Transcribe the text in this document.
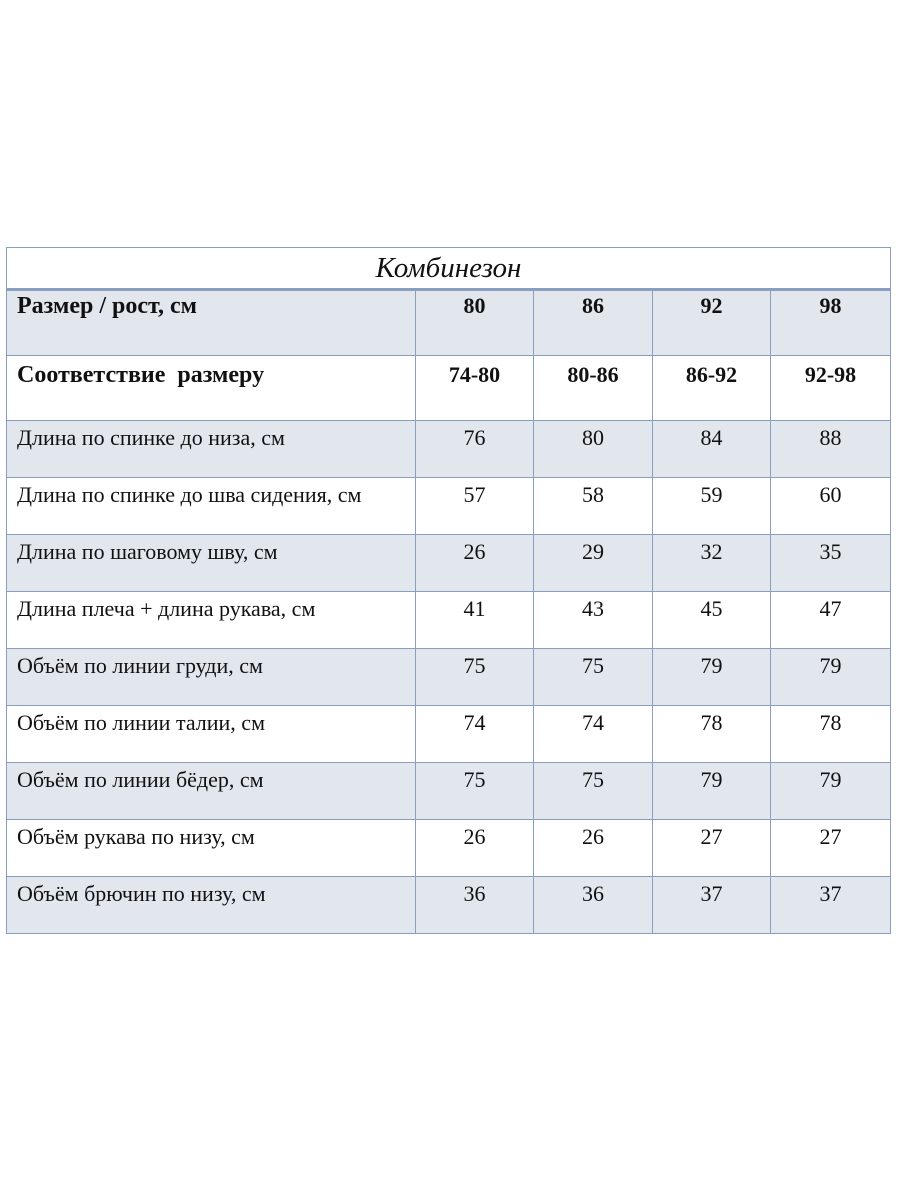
Комбинезон				

Размер / рост, см	80	86	92	98

Соответствие  размеру	74-80	80-86	86-92	92-98

Длина по спинке до низа, см	76	80	84	88

Длина по спинке до шва сидения, см	57	58	59	60

Длина по шаговому шву, см	26	29	32	35

Длина плеча + длина рукава, см	41	43	45	47

Объём по линии груди, см	75	75	79	79

Объём по линии талии, см	74	74	78	78

Объём по линии бёдер, см	75	75	79	79

Объём рукава по низу, см	26	26	27	27

Объём брючин по низу, см	36	36	37	37
